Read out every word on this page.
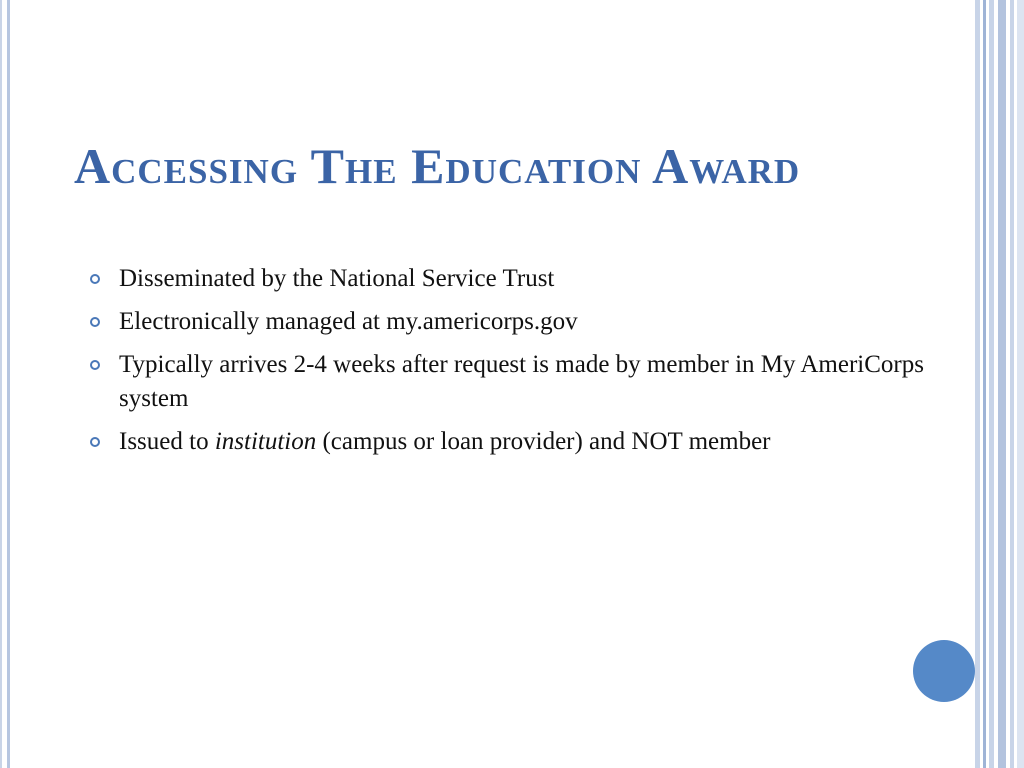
Accessing The Education Award
Disseminated by the National Service Trust
Electronically managed at my.americorps.gov
Typically arrives 2-4 weeks after request is made by member in My AmeriCorps system
Issued to institution (campus or loan provider) and NOT member
